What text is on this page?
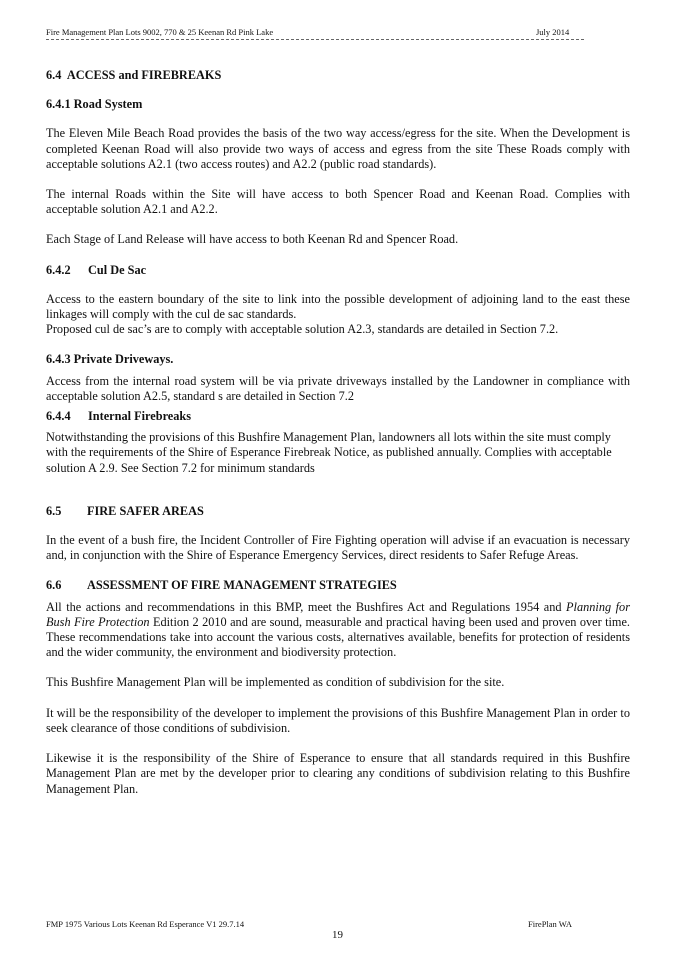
Fire Management Plan Lots 9002, 770 & 25 Keenan Rd Pink Lake	July 2014
6.4 ACCESS and FIREBREAKS
6.4.1 Road System

The Eleven Mile Beach Road provides the basis of the two way access/egress for the site. When the Development is completed Keenan Road will also provide two ways of access and egress from the site These Roads comply with acceptable solutions A2.1 (two access routes) and A2.2 (public road standards).

The internal Roads within the Site will have access to both Spencer Road and Keenan Road. Complies with acceptable solution A2.1 and A2.2.

Each Stage of Land Release will have access to both Keenan Rd and Spencer Road.

6.4.2 Cul De Sac

Access to the eastern boundary of the site to link into the possible development of adjoining land to the east these linkages will comply with the cul de sac standards.

Proposed cul de sac’s are to comply with acceptable solution A2.3, standards are detailed in Section 7.2.

6.4.3 Private Driveways.

Access from the internal road system will be via private driveways installed by the Landowner in compliance with acceptable solution A2.5, standard s are detailed in Section 7.2

6.4.4 Internal Firebreaks

Notwithstanding the provisions of this Bushfire Management Plan, landowners all lots within the site must comply with the requirements of the Shire of Esperance Firebreak Notice, as published annually. Complies with acceptable solution A 2.9. See Section 7.2 for minimum standards

6.5 FIRE SAFER AREAS

In the event of a bush fire, the Incident Controller of Fire Fighting operation will advise if an evacuation is necessary and, in conjunction with the Shire of Esperance Emergency Services, direct residents to Safer Refuge Areas.

6.6 ASSESSMENT OF FIRE MANAGEMENT STRATEGIES

All the actions and recommendations in this BMP, meet the Bushfires Act and Regulations 1954 and Planning for Bush Fire Protection Edition 2 2010 and are sound, measurable and practical having been used and proven over time. These recommendations take into account the various costs, alternatives available, benefits for protection of residents and the wider community, the environment and biodiversity protection.

This Bushfire Management Plan will be implemented as condition of subdivision for the site.

It will be the responsibility of the developer to implement the provisions of this Bushfire Management Plan in order to seek clearance of those conditions of subdivision.

Likewise it is the responsibility of the Shire of Esperance to ensure that all standards required in this Bushfire Management Plan are met by the developer prior to clearing any conditions of subdivision relating to this Bushfire Management Plan.

FMP 1975 Various Lots Keenan Rd Esperance V1 29.7.14	FirePlan WA
19
